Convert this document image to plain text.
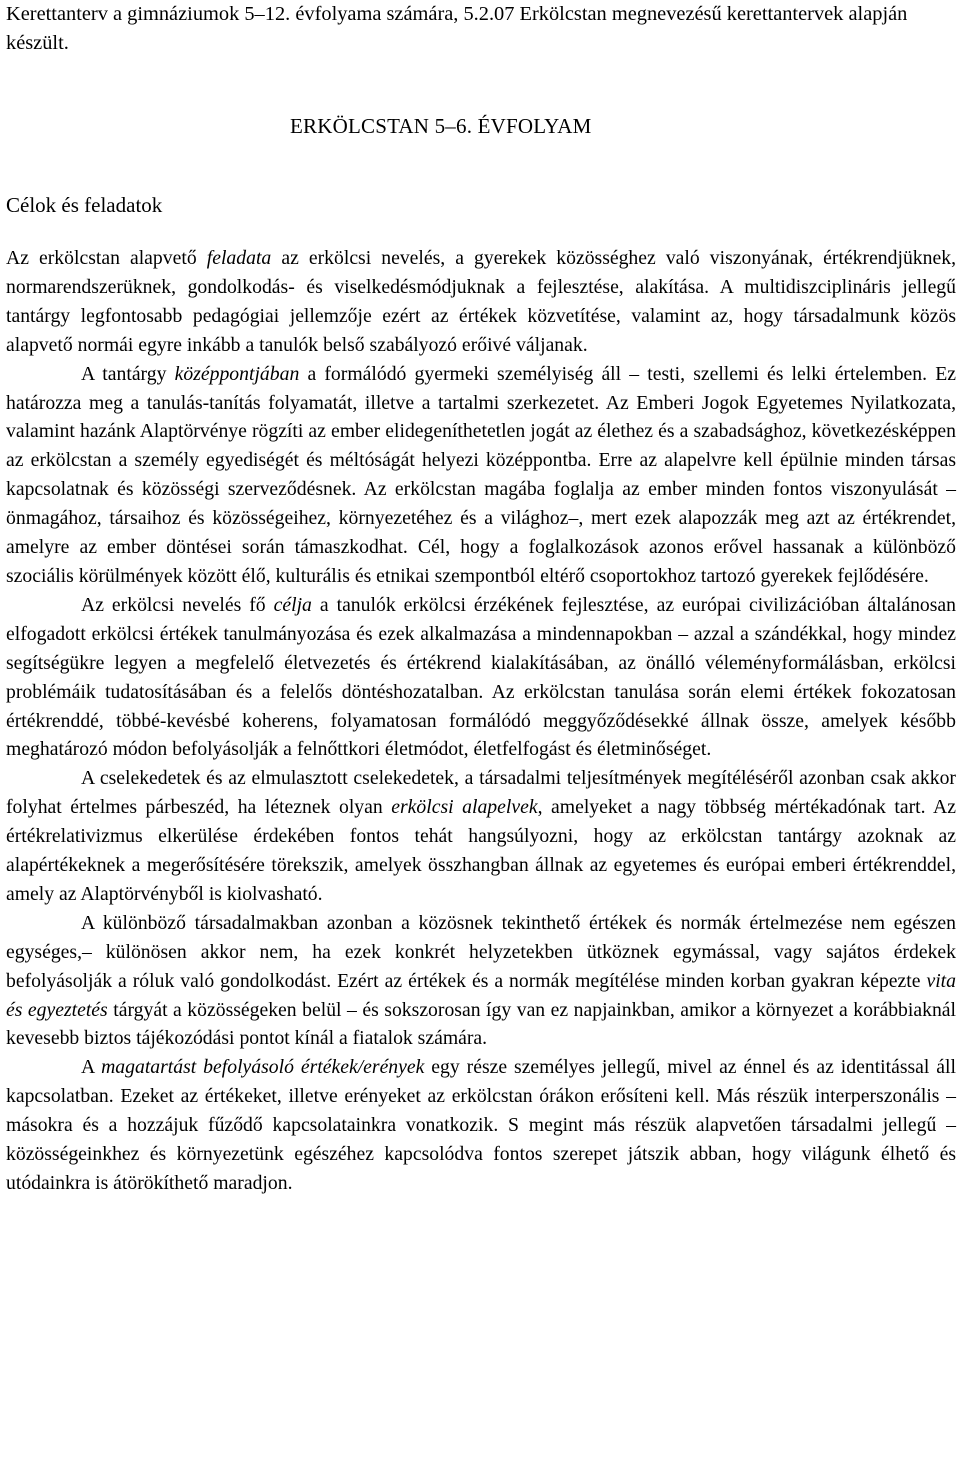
Kerettanterv a gimnáziumok 5–12. évfolyama számára, 5.2.07 Erkölcstan megnevezésű kerettantervek alapján készült.
ERKÖLCSTAN 5–6. ÉVFOLYAM
Célok és feladatok

Az erkölcstan alapvető feladata az erkölcsi nevelés, a gyerekek közösséghez való viszonyának, értékrendjüknek, normarendszerüknek, gondolkodás- és viselkedésmódjuknak a fejlesztése, alakítása. A multidiszciplináris jellegű tantárgy legfontosabb pedagógiai jellemzője ezért az értékek közvetítése, valamint az, hogy társadalmunk közös alapvető normái egyre inkább a tanulók belső szabályozó erőivé váljanak.

A tantárgy középpontjában a formálódó gyermeki személyiség áll – testi, szellemi és lelki értelemben. Ez határozza meg a tanulás-tanítás folyamatát, illetve a tartalmi szerkezetet. Az Emberi Jogok Egyetemes Nyilatkozata, valamint hazánk Alaptörvénye rögzíti az ember elidegeníthetetlen jogát az élethez és a szabadsághoz, következésképpen az erkölcstan a személy egyediségét és méltóságát helyezi középpontba. Erre az alapelvre kell épülnie minden társas kapcsolatnak és közösségi szerveződésnek. Az erkölcstan magába foglalja az ember minden fontos viszonyulását – önmagához, társaihoz és közösségeihez, környezetéhez és a világhoz–, mert ezek alapozzák meg azt az értékrendet, amelyre az ember döntései során támaszkodhat. Cél, hogy a foglalkozások azonos erővel hassanak a különböző szociális körülmények között élő, kulturális és etnikai szempontból eltérő csoportokhoz tartozó gyerekek fejlődésére.

Az erkölcsi nevelés fő célja a tanulók erkölcsi érzékének fejlesztése, az európai civilizációban általánosan elfogadott erkölcsi értékek tanulmányozása és ezek alkalmazása a mindennapokban – azzal a szándékkal, hogy mindez segítségükre legyen a megfelelő életvezetés és értékrend kialakításában, az önálló véleményformálásban, erkölcsi problémáik tudatosításában és a felelős döntéshozatalban. Az erkölcstan tanulása során elemi értékek fokozatosan értékrenddé, többé-kevésbé koherens, folyamatosan formálódó meggyőződésekké állnak össze, amelyek később meghatározó módon befolyásolják a felnőttkori életmódot, életfelfogást és életminőséget.

A cselekedetek és az elmulasztott cselekedetek, a társadalmi teljesítmények megítéléséről azonban csak akkor folyhat értelmes párbeszéd, ha léteznek olyan erkölcsi alapelvek, amelyeket a nagy többség mértékadónak tart. Az értékrelativizmus elkerülése érdekében fontos tehát hangsúlyozni, hogy az erkölcstan tantárgy azoknak az alapértékeknek a megerősítésére törekszik, amelyek összhangban állnak az egyetemes és európai emberi értékrenddel, amely az Alaptörvényből is kiolvasható.

A különböző társadalmakban azonban a közösnek tekinthető értékek és normák értelmezése nem egészen egységes,– különösen akkor nem, ha ezek konkrét helyzetekben ütköznek egymással, vagy sajátos érdekek befolyásolják a róluk való gondolkodást. Ezért az értékek és a normák megítélése minden korban gyakran képezte vita és egyeztetés tárgyát a közösségeken belül – és sokszorosan így van ez napjainkban, amikor a környezet a korábbiaknál kevesebb biztos tájékozódási pontot kínál a fiatalok számára.

A magatartást befolyásoló értékek/erények egy része személyes jellegű, mivel az énnel és az identitással áll kapcsolatban. Ezeket az értékeket, illetve erényeket az erkölcstan órákon erősíteni kell. Más részük interperszonális – másokra és a hozzájuk fűződő kapcsolatainkra vonatkozik. S megint más részük alapvetően társadalmi jellegű – közösségeinkhez és környezetünk egészéhez kapcsolódva fontos szerepet játszik abban, hogy világunk élhető és utódainkra is átörökíthető maradjon.
